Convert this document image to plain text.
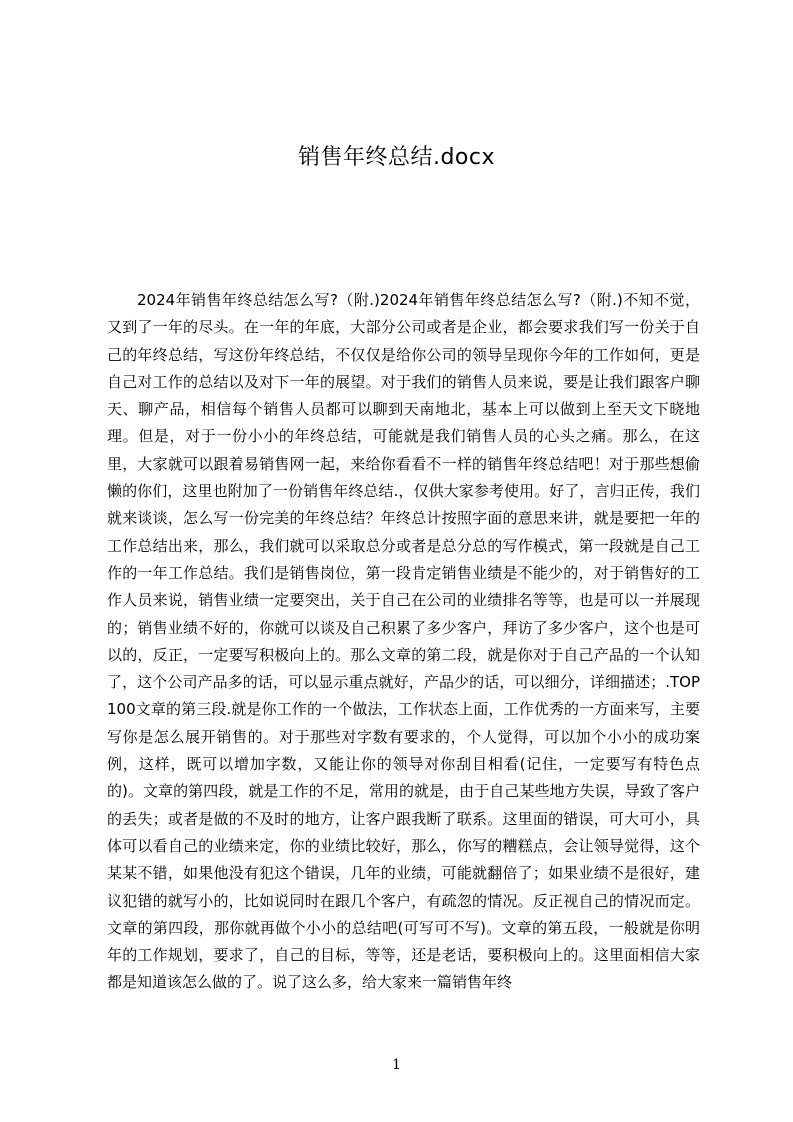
销售年终总结.docx

2024年销售年终总结怎么写?（附.)2024年销售年终总结怎么写?（附.)不知不觉，又到了一年的尽头。在一年的年底，大部分公司或者是企业，都会要求我们写一份关于自己的年终总结，写这份年终总结，不仅仅是给你公司的领导呈现你今年的工作如何，更是自己对工作的总结以及对下一年的展望。对于我们的销售人员来说，要是让我们跟客户聊天、聊产品，相信每个销售人员都可以聊到天南地北，基本上可以做到上至天文下晓地理。但是，对于一份小小的年终总结，可能就是我们销售人员的心头之痛。那么，在这里，大家就可以跟着易销售网一起，来给你看看不一样的销售年终总结吧！对于那些想偷懒的你们，这里也附加了一份销售年终总结.，仅供大家参考使用。好了，言归正传，我们就来谈谈，怎么写一份完美的年终总结？年终总计按照字面的意思来讲，就是要把一年的工作总结出来，那么，我们就可以采取总分或者是总分总的写作模式，第一段就是自己工作的一年工作总结。我们是销售岗位，第一段肯定销售业绩是不能少的，对于销售好的工作人员来说，销售业绩一定要突出，关于自己在公司的业绩排名等等，也是可以一并展现的；销售业绩不好的，你就可以谈及自己积累了多少客户，拜访了多少客户，这个也是可以的，反正，一定要写积极向上的。那么文章的第二段，就是你对于自己产品的一个认知了，这个公司产品多的话，可以显示重点就好，产品少的话，可以细分，详细描述；.TOP100文章的第三段.就是你工作的一个做法，工作状态上面，工作优秀的一方面来写，主要写你是怎么展开销售的。对于那些对字数有要求的，个人觉得，可以加个小小的成功案例，这样，既可以增加字数，又能让你的领导对你刮目相看(记住，一定要写有特色点的)。文章的第四段，就是工作的不足，常用的就是，由于自己某些地方失误，导致了客户的丢失；或者是做的不及时的地方，让客户跟我断了联系。这里面的错误，可大可小，具体可以看自己的业绩来定，你的业绩比较好，那么，你写的糟糕点，会让领导觉得，这个某某不错，如果他没有犯这个错误，几年的业绩，可能就翻倍了；如果业绩不是很好，建议犯错的就写小的，比如说同时在跟几个客户，有疏忽的情况。反正视自己的情况而定。文章的第四段，那你就再做个小小的总结吧(可写可不写)。文章的第五段，一般就是你明年的工作规划，要求了，自己的目标，等等，还是老话，要积极向上的。这里面相信大家都是知道该怎么做的了。说了这么多，给大家来一篇销售年终

1
